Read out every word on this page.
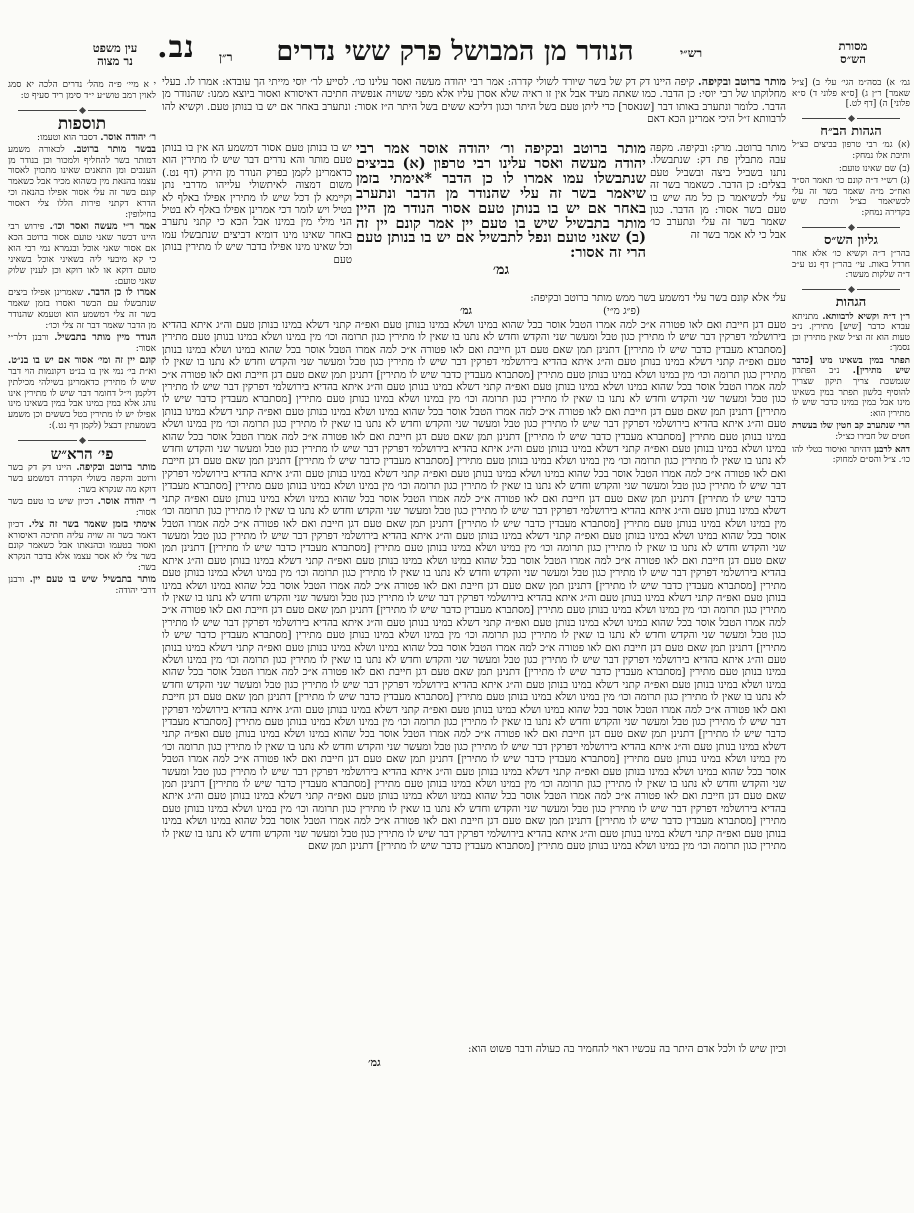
עין משפט
נר מצוה נב.	ר״ן	הנודר מן המבושל פרק ששי נדרים	רש״י	מסורת
הש״ס

י א מיי׳ פ״ה מהל׳ נדרים הלכה יא סמג לאוין רמב טוש״ע י״ד סימן ריד סעיף ט:

תוספות

ר׳ יהודה אוסר. דסבר הוא וטעמו:

בבשר מותר ברוטב. לכאורה משמע דמותר בשר להחליף ולמכור וכן בנודר מן הענבים ומן התאנים שאינו מתכוין לאסור עצמו בהנאת מין כשהוא מכיר אבל כשאמר קונם בשר זה עלי אסור אפילו בהנאה וכי הדרא דקתני פירות הללו צלי דאסור בחילופין:

אמר ר״י מעשה ואסר וכו׳. פירוש רבי היינו דבשר שאני טועם אסור ברוטב הכא אם אסור שאני אוכל ובגמרא נמי רבי הוא כי קא מיבעי ליה בשאיני אוכל בשאיני טועם דוקא או לאו דוקא וכן לענין שלוק שאני טועם:

אמרו לו כן הדבר. שאמרינן אפילו ביצים שנתבשלו עם הבשר ואסרו בזמן שאמר בשר זה צלי דמשמע הוא וטעמא שהנודר מן הדבר שאמר דבר זה צלי וכו׳:

הנודר מיין מותר בתבשיל. ורבנן דלר״י אסור:

קונם יין זה ומי׳ אסור אם יש בו בנ״ט. וא״ת בי׳ נמי אין בו בנ״ט דקונמות הוי דבר שיש לו מתירין כדאמרינן בשילהי מכילתין דלקמן וי״ל דחומר דבר שיש לו מתירין אינו נוהג אלא במין במינו אבל במין בשאינו מינו אפילו יש לו מתירין בטל בששים וכן משמע בשמעתין דבצל (לקמן דף נט.):

פי׳ הרא״ש

מותר ברוטב ובקיפה. היינו דק דק בשר ורוטב והקפה בשולי הקדרה דמשמע בשר דוקא מה שנקרא בשר:

ר׳ יהודה אוסר. דכיון שיש בו טעם בשר אסור:

אימתי בזמן שאמר בשר זה צלי. דכיון דאמר בשר זה שויה עליה חתיכה דאיסורא ואסור בטעמו ובהנאתו אבל כשאמר קונם בשר צלי לא אסר עצמו אלא בדבר הנקרא בשר:

מותר בתבשיל שיש בו טעם יין. ורבנן דרבי יהודה:

גמ׳ א) בסה״מ הגי׳ עלי ב) [צ״ל שאמר] ר״ן ג) [ס״א פלוני ד) ס״א פלוני] ה) [דף לט.]

הגהות הב״ח

(א) גמ׳ רבי טרפון בביצים כצ״ל ותיבת אלו נמחק:

(ב) שם שאינו טועם:

(ג) רש״י ד״ה קונם כו׳ תאמר הס״ד ואח״כ מ״ה שאמר בשר זה עלי לכשיאמר כצ״ל ותיבת שיש בקדירה נמחק:

גליון הש״ס

בהר״ן ד״ה וקשיא כו׳ אלא אחר חרדל באות. עי׳ בהר״ן דף נט ע״ב ד״ה שלקות מעשר:

הגהות

ר״ן ד״ה וקשיא לרבוותא. מתניתא עבדא כדבר [שיש] מתירין. נ״ב טעות הוא זה וצ״ל שאין מתירין וכן נסמך:

תפתר במין בשאינו מינו [כדבר שיש מתירין]. נ״ב הפתרון שנמשכת צריך תיקון שצריך להוסיף בלשון תפתר במין בשאינו מינו אבל במין במינו כדבר שיש לו מתירין הוא:

הרי שנתערב קב חטין שלו בעשרת חטים של חבירו כצ״ל:

דהא לרבנן דהיתר ואיסור בטלי להו כו׳. צ״ל והס״ם למחוק:

מותר ברוטב ובקיפה. קיפה היינו דק דק של בשר שיורד לשולי קדרה: אמר רבי יהודה מעשה ואסר עלינו כו׳. לסייע לר׳ יוסי מייתי הך עובדא: אמרו לו. בעלי מחלוקתו של רבי יוסי: כן הדבר. כמו שאתה מעיד אבל אין זו ראיה שלא אסרן עליו אלא מפני ששויה אנפשיה חתיכה דאיסורא ואסור ביוצא ממנו: שהנודר מן הדבר. כלומר ונתערב באותו דבר [שנאסר] כדי ליתן טעם בשל היתר וכגון דליכא ששים בשל היתר ה״ז אסור: ונתערב באחר אם יש בו בנותן טעם. וקשיא להו לרבוותא ז״ל היכי אמרינן הכא דאם
יש בו בנותן טעם אסור דמשמע הא אין בו בנותן טעם מותר והא נדרים דבר שיש לו מתירין הוא כדאמרינן לקמן בפרק הנודר מן הירק (דף נט.) משום דמצוה לאיתשולי עלייהו מדרבי נתן וקיימא לן דכל שיש לו מתירין אפילו באלף לא בטיל ויש לומר דכי אמרינן אפילו באלף לא בטיל הני מילי מין במינו אבל הכא כי קתני נתערב באחר שאינו מינו דומיא דביצים שנתבשלו עמו וכל שאינו מינו אפילו בדבר שיש לו מתירין בנותן טעם
מותר ברוטב ובקיפה ור׳ יהודה אוסר אמר רבי יהודה מעשה ואסר עלינו רבי טרפון (א) בביצים שנתבשלו עמו אמרו לו כן הדבר *אימתי בזמן שיאמר בשר זה עלי שהנודר מן הדבר ונתערב באחר אם יש בו בנותן טעם אסור הנודר מן היין מותר בתבשיל שיש בו טעם יין אמר קונם יין זה (ב) שאני טועם ונפל לתבשיל אם יש בו בנותן טעם הרי זה אסור:
גמ׳
מותר ברוטב. מרק: ובקיפה. מקפה עבה מתבלין פת דק: שנתבשלו. נתנו בשביל ביצה ובשביל טעם בצלים: כן הדבר. כשאמר בשר זה עלי לכשיאמר כן כל מה שיש בו טעם בשר אסור: מן הדבר. כגון שאמר בשר זה עלי ונתערב כו׳ אבל כי לא אמר בשר זה
עלי אלא קונם בשר עלי דמשמע בשר ממש מותר ברוטב ובקיפה:
(פ״ג מ״י)
גמ׳
טעם דגן חייבת ואם לאו פטורה א״כ למה אמרו הטבל אוסר בכל שהוא במינו ושלא במינו בנותן טעם ואפ״ה קתני דשלא במינו בנותן טעם וה״ג איתא בהדיא בירושלמי דפרקין דבר שיש לו מתירין כגון טבל ומעשר שני והקדש וחדש לא נתנו בו שאין לו מתירין כגון תרומה וכו׳ מין במינו ושלא במינו בנותן טעם מתירין [מסתברא מעבדין כדבר שיש לו מתירין] דתנינן תמן שאם טעם דגן חייבת ואם לאו פטורה א״כ למה אמרו הטבל אוסר בכל שהוא במינו ושלא במינו בנותן טעם ואפ״ה קתני דשלא במינו בנותן טעם וה״ג איתא בהדיא בירושלמי דפרקין דבר שיש לו מתירין כגון טבל ומעשר שני והקדש וחדש לא נתנו בו שאין לו מתירין כגון תרומה וכו׳ מין במינו ושלא במינו בנותן טעם מתירין [מסתברא מעבדין כדבר שיש לו מתירין] דתנינן תמן שאם טעם דגן חייבת ואם לאו פטורה א״כ למה אמרו הטבל אוסר בכל שהוא במינו ושלא במינו בנותן טעם ואפ״ה קתני דשלא במינו בנותן טעם וה״ג איתא בהדיא בירושלמי דפרקין דבר שיש לו מתירין כגון טבל ומעשר שני והקדש וחדש לא נתנו בו שאין לו מתירין כגון תרומה וכו׳ מין במינו ושלא במינו בנותן טעם מתירין [מסתברא מעבדין כדבר שיש לו מתירין] דתנינן תמן שאם טעם דגן חייבת ואם לאו פטורה א״כ למה אמרו הטבל אוסר בכל שהוא במינו ושלא במינו בנותן טעם ואפ״ה קתני דשלא במינו בנותן טעם וה״ג איתא בהדיא בירושלמי דפרקין דבר שיש לו מתירין כגון טבל ומעשר שני והקדש וחדש לא נתנו בו שאין לו מתירין כגון תרומה וכו׳ מין במינו ושלא במינו בנותן טעם מתירין [מסתברא מעבדין כדבר שיש לו מתירין] דתנינן תמן שאם טעם דגן חייבת ואם לאו פטורה א״כ למה אמרו הטבל אוסר בכל שהוא במינו ושלא במינו בנותן טעם ואפ״ה קתני דשלא במינו בנותן טעם וה״ג איתא בהדיא בירושלמי דפרקין דבר שיש לו מתירין כגון טבל ומעשר שני והקדש וחדש לא נתנו בו שאין לו מתירין כגון תרומה וכו׳ מין במינו ושלא במינו בנותן טעם מתירין [מסתברא מעבדין כדבר שיש לו מתירין] דתנינן תמן שאם טעם דגן חייבת ואם לאו פטורה א״כ למה אמרו הטבל אוסר בכל שהוא במינו ושלא במינו בנותן טעם ואפ״ה קתני דשלא במינו בנותן טעם וה״ג איתא בהדיא בירושלמי דפרקין דבר שיש לו מתירין כגון טבל ומעשר שני והקדש וחדש לא נתנו בו שאין לו מתירין כגון תרומה וכו׳ מין במינו ושלא במינו בנותן טעם מתירין [מסתברא מעבדין כדבר שיש לו מתירין] דתנינן תמן שאם טעם דגן חייבת ואם לאו פטורה א״כ למה אמרו הטבל אוסר בכל שהוא במינו ושלא במינו בנותן טעם ואפ״ה קתני דשלא במינו בנותן טעם וה״ג איתא בהדיא בירושלמי דפרקין דבר שיש לו מתירין כגון טבל ומעשר שני והקדש וחדש לא נתנו בו שאין לו מתירין כגון תרומה וכו׳ מין במינו ושלא במינו בנותן טעם מתירין [מסתברא מעבדין כדבר שיש לו מתירין] דתנינן תמן שאם טעם דגן חייבת ואם לאו פטורה א״כ למה אמרו הטבל אוסר בכל שהוא במינו ושלא במינו בנותן טעם ואפ״ה קתני דשלא במינו בנותן טעם וה״ג איתא בהדיא בירושלמי דפרקין דבר שיש לו מתירין כגון טבל ומעשר שני והקדש וחדש לא נתנו בו שאין לו מתירין כגון תרומה וכו׳ מין במינו ושלא במינו בנותן טעם מתירין [מסתברא מעבדין כדבר שיש לו מתירין] דתנינן תמן שאם טעם דגן חייבת ואם לאו פטורה א״כ למה אמרו הטבל אוסר בכל שהוא במינו ושלא במינו בנותן טעם ואפ״ה קתני דשלא במינו בנותן טעם וה״ג איתא בהדיא בירושלמי דפרקין דבר שיש לו מתירין כגון טבל ומעשר שני והקדש וחדש לא נתנו בו שאין לו מתירין כגון תרומה וכו׳ מין במינו ושלא במינו בנותן טעם מתירין [מסתברא מעבדין כדבר שיש לו מתירין] דתנינן תמן שאם טעם דגן חייבת ואם לאו פטורה א״כ למה אמרו הטבל אוסר בכל שהוא במינו ושלא במינו בנותן טעם ואפ״ה קתני דשלא במינו בנותן טעם וה״ג איתא בהדיא בירושלמי דפרקין דבר שיש לו מתירין כגון טבל ומעשר שני והקדש וחדש לא נתנו בו שאין לו מתירין כגון תרומה וכו׳ מין במינו ושלא במינו בנותן טעם מתירין [מסתברא מעבדין כדבר שיש לו מתירין] דתנינן תמן שאם טעם דגן חייבת ואם לאו פטורה א״כ למה אמרו הטבל אוסר בכל שהוא במינו ושלא במינו בנותן טעם ואפ״ה קתני דשלא במינו בנותן טעם וה״ג איתא בהדיא בירושלמי דפרקין דבר שיש לו מתירין כגון טבל ומעשר שני והקדש וחדש לא נתנו בו שאין לו מתירין כגון תרומה וכו׳ מין במינו ושלא במינו בנותן טעם מתירין [מסתברא מעבדין כדבר שיש לו מתירין] דתנינן תמן שאם טעם דגן חייבת ואם לאו פטורה א״כ למה אמרו הטבל אוסר בכל שהוא במינו ושלא במינו בנותן טעם ואפ״ה קתני דשלא במינו בנותן טעם וה״ג איתא בהדיא בירושלמי דפרקין דבר שיש לו מתירין כגון טבל ומעשר שני והקדש וחדש לא נתנו בו שאין לו מתירין כגון תרומה וכו׳ מין במינו ושלא במינו בנותן טעם מתירין [מסתברא מעבדין כדבר שיש לו מתירין] דתנינן תמן שאם טעם דגן חייבת ואם לאו פטורה א״כ למה אמרו הטבל אוסר בכל שהוא במינו ושלא במינו בנותן טעם ואפ״ה קתני דשלא במינו בנותן טעם וה״ג איתא בהדיא בירושלמי דפרקין דבר שיש לו מתירין כגון טבל ומעשר שני והקדש וחדש לא נתנו בו שאין לו מתירין כגון תרומה וכו׳ מין במינו ושלא במינו בנותן טעם מתירין [מסתברא מעבדין כדבר שיש לו מתירין] דתנינן תמן שאם טעם דגן חייבת ואם לאו פטורה א״כ למה אמרו הטבל אוסר בכל שהוא במינו ושלא במינו בנותן טעם ואפ״ה קתני דשלא במינו בנותן טעם וה״ג איתא בהדיא בירושלמי דפרקין דבר שיש לו מתירין כגון טבל ומעשר שני והקדש וחדש לא נתנו בו שאין לו מתירין כגון תרומה וכו׳ מין במינו ושלא במינו בנותן טעם מתירין [מסתברא מעבדין כדבר שיש לו מתירין] דתנינן תמן שאם טעם דגן חייבת ואם לאו פטורה א״כ למה אמרו הטבל אוסר בכל שהוא במינו ושלא במינו בנותן טעם ואפ״ה קתני דשלא במינו בנותן טעם וה״ג איתא בהדיא בירושלמי דפרקין דבר שיש לו מתירין כגון טבל ומעשר שני והקדש וחדש לא נתנו בו שאין לו מתירין כגון תרומה וכו׳ מין במינו ושלא במינו בנותן טעם מתירין [מסתברא מעבדין כדבר שיש לו מתירין] דתנינן תמן שאם טעם דגן חייבת ואם לאו פטורה א״כ למה אמרו הטבל אוסר בכל שהוא במינו ושלא במינו בנותן טעם ואפ״ה קתני דשלא במינו בנותן טעם וה״ג איתא בהדיא בירושלמי דפרקין דבר שיש לו מתירין כגון טבל ומעשר שני והקדש וחדש לא נתנו בו שאין לו מתירין כגון תרומה וכו׳ מין במינו ושלא במינו בנותן טעם מתירין [מסתברא מעבדין כדבר שיש לו מתירין] דתנינן תמן שאם טעם דגן חייבת ואם לאו פטורה א״כ למה אמרו הטבל אוסר בכל שהוא במינו ושלא במינו בנותן טעם ואפ״ה קתני דשלא במינו בנותן טעם וה״ג איתא בהדיא בירושלמי דפרקין דבר שיש לו מתירין כגון טבל ומעשר שני והקדש וחדש לא נתנו בו שאין לו מתירין כגון תרומה וכו׳ מין במינו ושלא במינו בנותן טעם מתירין [מסתברא מעבדין כדבר שיש לו מתירין] דתנינן תמן שאם טעם דגן חייבת ואם לאו פטורה א״כ למה אמרו הטבל אוסר בכל שהוא במינו ושלא במינו בנותן טעם ואפ״ה קתני דשלא במינו בנותן טעם וה״ג איתא בהדיא בירושלמי דפרקין דבר שיש לו מתירין כגון טבל ומעשר שני והקדש וחדש לא נתנו בו שאין לו מתירין כגון תרומה וכו׳ מין במינו ושלא במינו בנותן טעם מתירין [מסתברא מעבדין כדבר שיש לו מתירין] דתנינן תמן שאם
וכיון שיש לו ולכל אדם היתר בה עכשיו ראוי להחמיר בה כעולה ודבר פשוט הוא:
גמ׳
